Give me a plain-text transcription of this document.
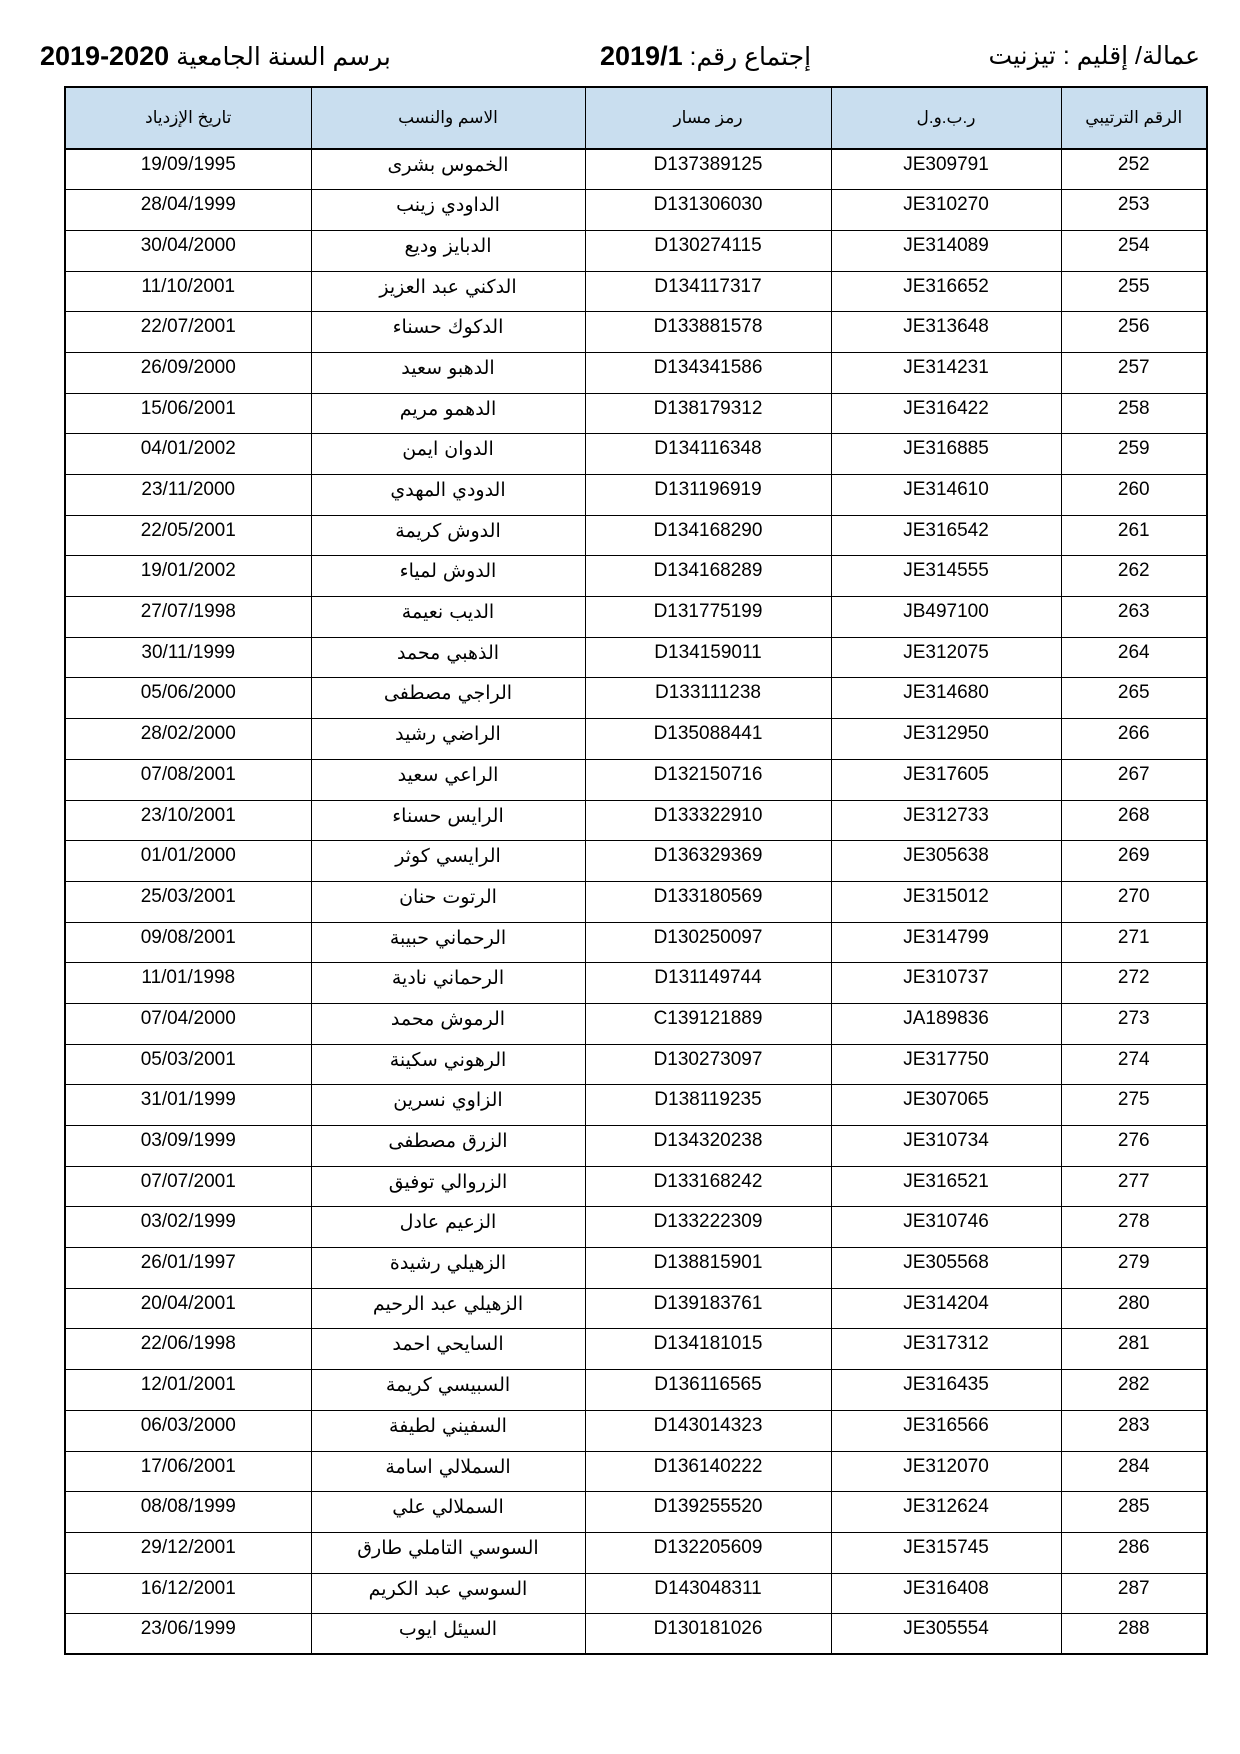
عمالة/ إقليم : تيزنيت
إجتماع رقم: 2019/1
برسم السنة الجامعية 2019-2020
الرقم الترتيبي	ر.ب.و.ل	رمز مسار	الاسم والنسب	تاريخ الإزدياد
252	JE309791	D137389125	الخموس بشرى	19/09/1995
253	JE310270	D131306030	الداودي زينب	28/04/1999
254	JE314089	D130274115	الدبايز وديع	30/04/2000
255	JE316652	D134117317	الدكني عبد العزيز	11/10/2001
256	JE313648	D133881578	الدكوك حسناء	22/07/2001
257	JE314231	D134341586	الدهبو سعيد	26/09/2000
258	JE316422	D138179312	الدهمو مريم	15/06/2001
259	JE316885	D134116348	الدوان ايمن	04/01/2002
260	JE314610	D131196919	الدودي المهدي	23/11/2000
261	JE316542	D134168290	الدوش كريمة	22/05/2001
262	JE314555	D134168289	الدوش لمياء	19/01/2002
263	JB497100	D131775199	الديب نعيمة	27/07/1998
264	JE312075	D134159011	الذهبي محمد	30/11/1999
265	JE314680	D133111238	الراجي مصطفى	05/06/2000
266	JE312950	D135088441	الراضي رشيد	28/02/2000
267	JE317605	D132150716	الراعي سعيد	07/08/2001
268	JE312733	D133322910	الرايس حسناء	23/10/2001
269	JE305638	D136329369	الرايسي كوثر	01/01/2000
270	JE315012	D133180569	الرتوت حنان	25/03/2001
271	JE314799	D130250097	الرحماني حبيبة	09/08/2001
272	JE310737	D131149744	الرحماني نادية	11/01/1998
273	JA189836	C139121889	الرموش محمد	07/04/2000
274	JE317750	D130273097	الرهوني سكينة	05/03/2001
275	JE307065	D138119235	الزاوي نسرين	31/01/1999
276	JE310734	D134320238	الزرق مصطفى	03/09/1999
277	JE316521	D133168242	الزروالي توفيق	07/07/2001
278	JE310746	D133222309	الزعيم عادل	03/02/1999
279	JE305568	D138815901	الزهيلي رشيدة	26/01/1997
280	JE314204	D139183761	الزهيلي عبد الرحيم	20/04/2001
281	JE317312	D134181015	السايحي احمد	22/06/1998
282	JE316435	D136116565	السبيسي كريمة	12/01/2001
283	JE316566	D143014323	السفيني لطيفة	06/03/2000
284	JE312070	D136140222	السملالي اسامة	17/06/2001
285	JE312624	D139255520	السملالي علي	08/08/1999
286	JE315745	D132205609	السوسي التاملي طارق	29/12/2001
287	JE316408	D143048311	السوسي عبد الكريم	16/12/2001
288	JE305554	D130181026	السيئل ايوب	23/06/1999
